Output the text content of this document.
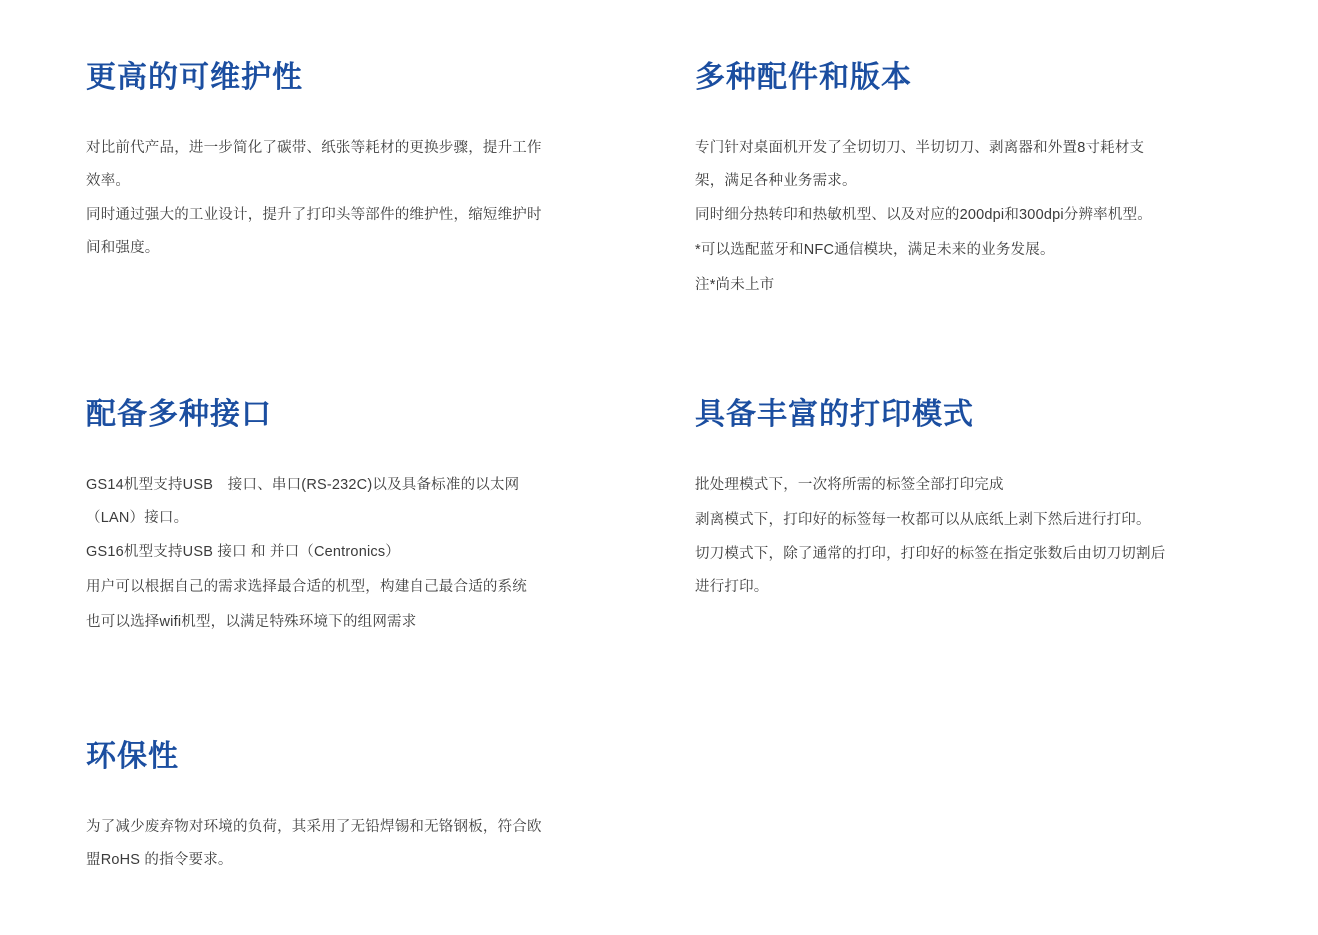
更高的可维护性

对比前代产品，进一步简化了碳带、纸张等耗材的更换步骤，提升工作效率。

同时通过强大的工业设计，提升了打印头等部件的维护性，缩短维护时间和强度。

多种配件和版本

专门针对桌面机开发了全切切刀、半切切刀、剥离器和外置8寸耗材支架，满足各种业务需求。

同时细分热转印和热敏机型、以及对应的200dpi和300dpi分辨率机型。

*可以选配蓝牙和NFC通信模块，满足未来的业务发展。

注*尚未上市

配备多种接口

GS14机型支持USB　接口、串口(RS-232C)以及具备标准的以太网（LAN）接口。

GS16机型支持USB 接口 和 并口（Centronics）

用户可以根据自己的需求选择最合适的机型，构建自己最合适的系统

也可以选择wifi机型，以满足特殊环境下的组网需求

具备丰富的打印模式

批处理模式下，一次将所需的标签全部打印完成

剥离模式下，打印好的标签每一枚都可以从底纸上剥下然后进行打印。

切刀模式下，除了通常的打印，打印好的标签在指定张数后由切刀切割后进行打印。

环保性

为了减少废弃物对环境的负荷，其采用了无铅焊锡和无铬钢板，符合欧盟RoHS 的指令要求。
